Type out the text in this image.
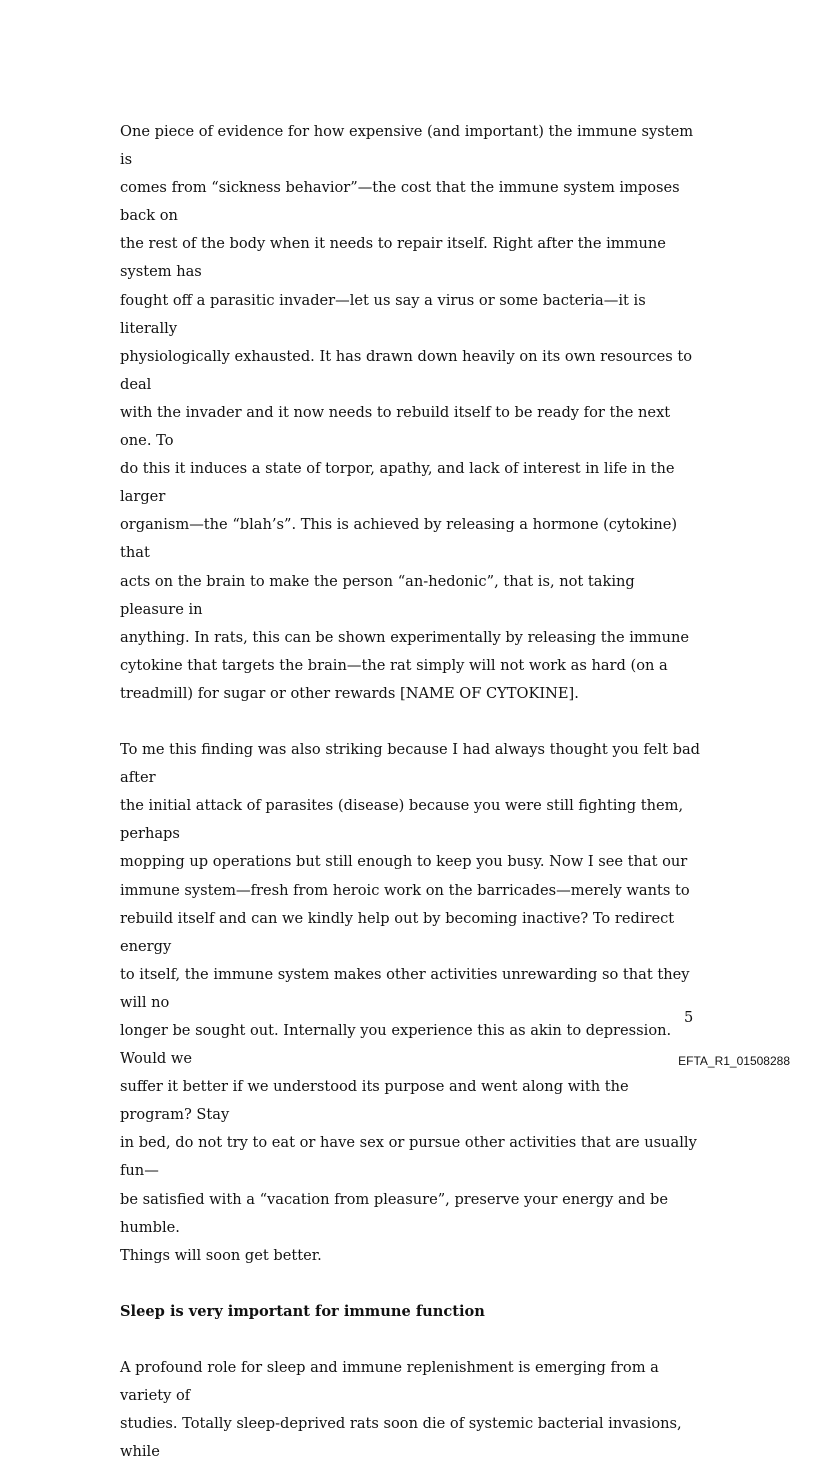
One piece of evidence for how expensive (and important) the immune system is
comes from “sickness behavior”—the cost that the immune system imposes back on
the rest of the body when it needs to repair itself. Right after the immune system has
fought off a parasitic invader—let us say a virus or some bacteria—it is literally
physiologically exhausted. It has drawn down heavily on its own resources to deal
with the invader and it now needs to rebuild itself to be ready for the next one. To
do this it induces a state of torpor, apathy, and lack of interest in life in the larger
organism—the “blah’s”. This is achieved by releasing a hormone (cytokine) that
acts on the brain to make the person “an-hedonic”, that is, not taking pleasure in
anything. In rats, this can be shown experimentally by releasing the immune
cytokine that targets the brain—the rat simply will not work as hard (on a
treadmill) for sugar or other rewards [NAME OF CYTOKINE].

To me this finding was also striking because I had always thought you felt bad after
the initial attack of parasites (disease) because you were still fighting them, perhaps
mopping up operations but still enough to keep you busy. Now I see that our
immune system—fresh from heroic work on the barricades—merely wants to
rebuild itself and can we kindly help out by becoming inactive? To redirect energy
to itself, the immune system makes other activities unrewarding so that they will no
longer be sought out. Internally you experience this as akin to depression. Would we
suffer it better if we understood its purpose and went along with the program? Stay
in bed, do not try to eat or have sex or pursue other activities that are usually fun—
be satisfied with a “vacation from pleasure”, preserve your energy and be humble.
Things will soon get better.

Sleep is very important for immune function

A profound role for sleep and immune replenishment is emerging from a variety of
studies. Totally sleep-deprived rats soon die of systemic bacterial invasions, while

5
EFTA_R1_01508288
